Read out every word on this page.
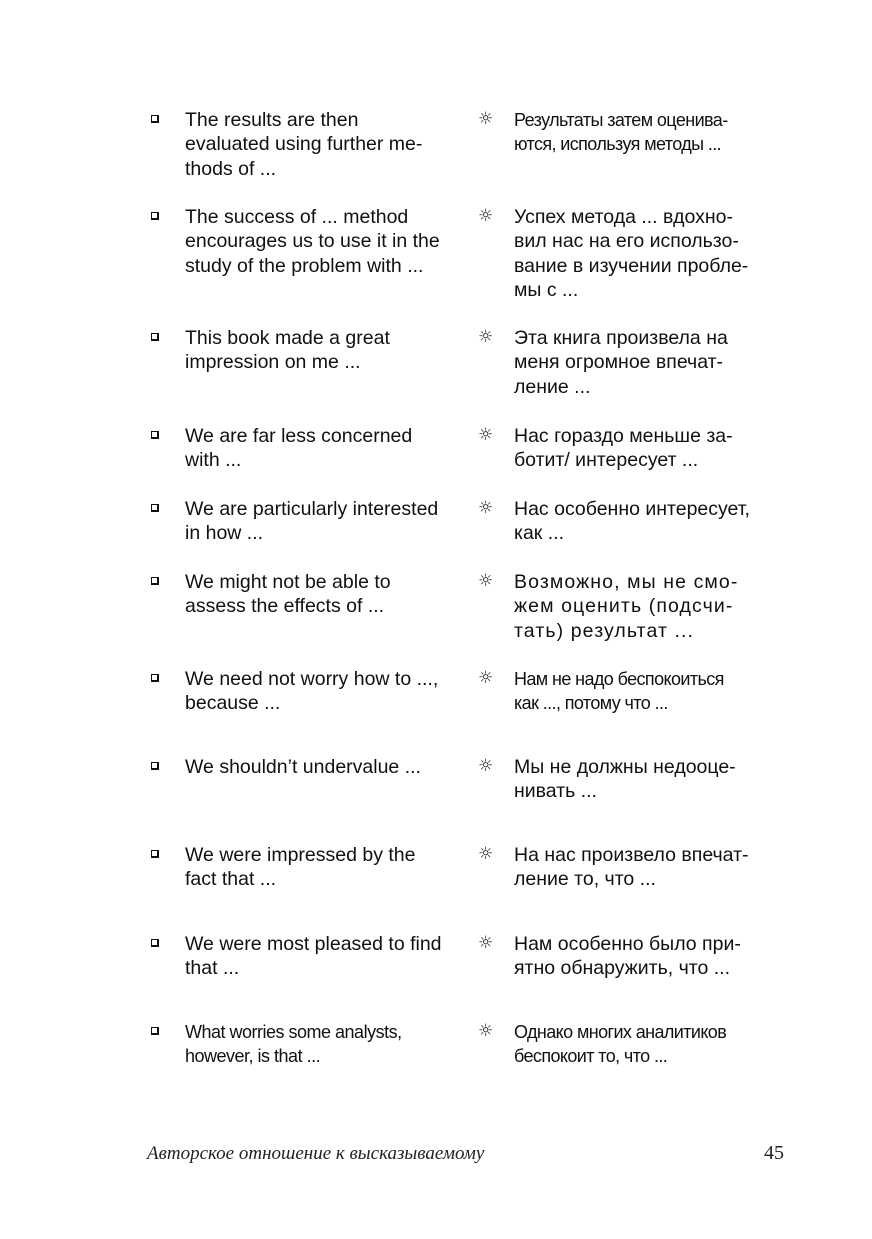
The results are then
evaluated using further me-
thods of ...
☼ Результаты затем оценива-
ются, используя методы ...
The success of ... method
encourages us to use it in the
study of the problem with ...
☼ Успех метода ... вдохно-
вил нас на его использо-
вание в изучении пробле-
мы с ...
This book made a great
impression on me ...
☼ Эта книга произвела на
меня огромное впечат-
ление ...
We are far less concerned
with ...
☼ Нас гораздо меньше за-
ботит/ интересует ...
We are particularly interested
in how ...
☼ Нас особенно интересует,
как ...
We might not be able to
assess the effects of ...
☼ Возможно, мы не смо-
жем оценить (подсчи-
тать) результат ...
We need not worry how to ...,
because ...
☼ Нам не надо беспокоиться
как ..., потому что ...
We shouldn’t undervalue ...	☼ Мы не должны недооце-
нивать ...
We were impressed by the
fact that ...
☼ На нас произвело впечат-
ление то, что ...
We were most pleased to find
that ...
☼ Нам особенно было при-
ятно обнаружить, что ...
What worries some analysts,
however, is that ...
☼ Однако многих аналитиков
беспокоит то, что ...
Авторское отношение к высказываемому	45
